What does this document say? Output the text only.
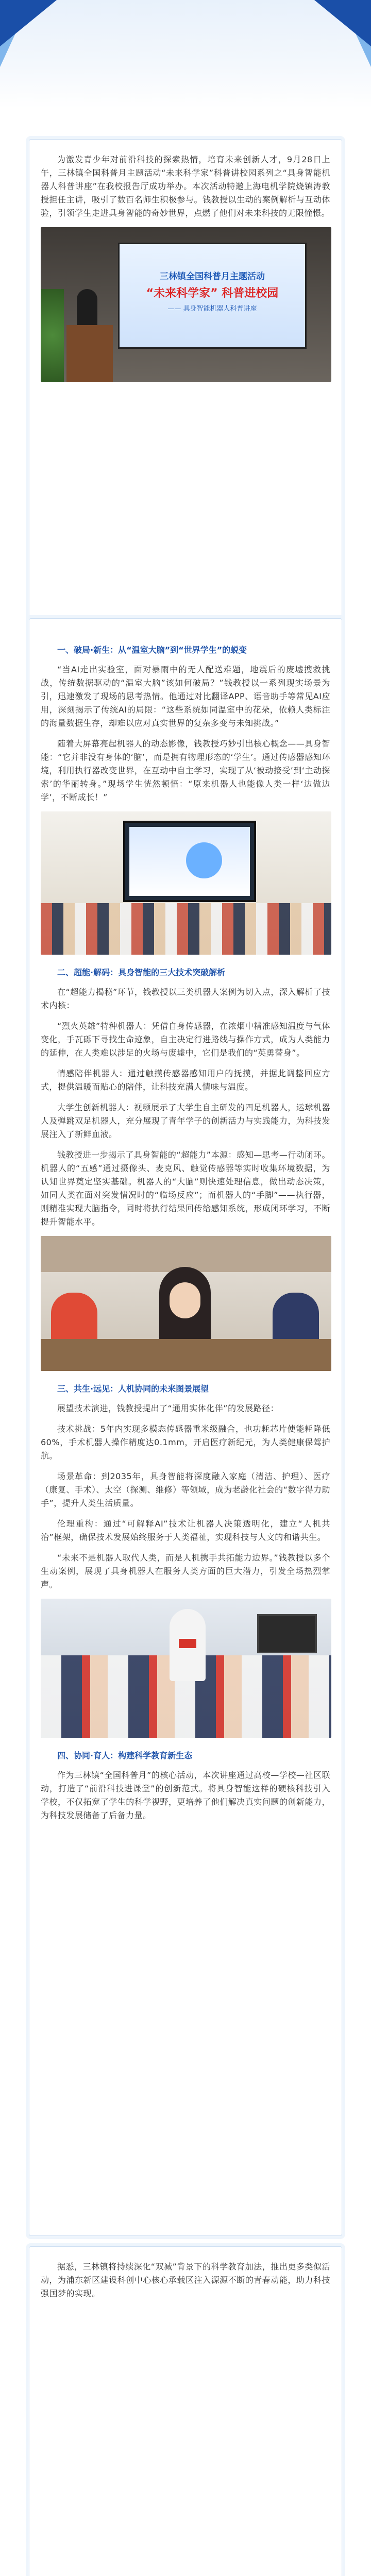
为激发青少年对前沿科技的探索热情，培育未来创新人才，9月28日上午，三林镇全国科普月主题活动“未来科学家”科普讲校园系列之“具身智能机器人科普讲座”在我校报告厅成功举办。本次活动特邀上海电机学院烧镇涛教授担任主讲，吸引了数百名师生积极参与。钱教授以生动的案例解析与互动体验，引领学生走进具身智能的奇妙世界，点燃了他们对未来科技的无限憧憬。

三林镇全国科普月主题活动
“未来科学家” 科普进校园
—— 具身智能机器人科普讲座
一、破局·新生：从“温室大脑”到“世界学生”的蜕变

“当AI走出实验室，面对暴雨中的无人配送难题，地震后的废墟搜救挑战，传统数据驱动的“温室大脑”该如何破局？”钱教授以一系列现实场景为引，迅速激发了现场的思考热情。他通过对比翻译APP、语音助手等常见AI应用，深刻揭示了传统AI的局限：“这些系统如同温室中的花朵，依赖人类标注的海量数据生存，却难以应对真实世界的复杂多变与未知挑战。”

随着大屏幕亮起机器人的动态影像，钱教授巧妙引出核心概念——具身智能：“它并非没有身体的‘脑’，而是拥有物理形态的‘学生’。通过传感器感知环境，利用执行器改变世界，在互动中自主学习，实现了从‘被动接受’到‘主动探索’的华丽转身。”现场学生恍然顿悟：“原来机器人也能像人类一样‘边做边学’，不断成长！”

二、超能·解码：具身智能的三大技术突破解析

在“超能力揭秘”环节，钱教授以三类机器人案例为切入点，深入解析了技术内核：

“烈火英雄”特种机器人：凭借自身传感器，在浓烟中精准感知温度与气体变化，手瓦砾下寻找生命迹象，自主决定行进路线与操作方式，成为人类能力的延伸，在人类难以涉足的火场与废墟中，它们是我们的“英勇替身”。

情感陪伴机器人：通过触摸传感器感知用户的抚摸，并据此调整回应方式，提供温暖而贴心的陪伴，让科技充满人情味与温度。

大学生创新机器人：视频展示了大学生自主研发的四足机器人，运球机器人及弹跳双足机器人，充分展现了青年学子的创新活力与实践能力，为科技发展注入了新鲜血液。

钱教授进一步揭示了具身智能的“超能力”本源：感知—思考—行动闭环。机器人的“五感”通过摄像头、麦克风、触觉传感器等实时收集环境数据，为认知世界奠定坚实基础。机器人的“大脑”则快速处理信息，做出动态决策，如同人类在面对突发情况时的“临场反应”；而机器人的“手脚”——执行器，则精准实现大脑指令，同时将执行结果回传给感知系统，形成闭环学习，不断提升智能水平。

三、共生·远见：人机协同的未来图景展望

展望技术演进，钱教授提出了“通用实体化伴”的发展路径：

技术挑战：5年内实现多模态传感器重米级融合，也功耗芯片使能耗降低60%，手术机器人操作精度达0.1mm，开启医疗新纪元，为人类健康保驾护航。

场景革命：到2035年，具身智能将深度融入家庭（清洁、护理）、医疗（康复、手术）、太空（探测、维修）等领域，成为老龄化社会的“数字得力助手”，提升人类生活质量。

伦理重构：通过“可解释AI”技术让机器人决策透明化，建立“人机共治”框架，确保技术发展始终服务于人类福祉，实现科技与人文的和谐共生。

“未来不是机器人取代人类，而是人机携手共拓能力边界。”钱教授以多个生动案例，展现了具身机器人在服务人类方面的巨大潜力，引发全场热烈掌声。

四、协同·育人：构建科学教育新生态

作为三林镇“全国科普月”的核心活动，本次讲座通过高校—学校—社区联动，打造了“前沿科技进课堂”的创新范式。将具身智能这样的硬核科技引入学校，不仅拓宽了学生的科学视野，更培养了他们解决真实问题的创新能力，为科技发展储备了后备力量。

据悉，三林镇将持续深化“双减”背景下的科学教育加法，推出更多类似活动，为浦东新区建设科创中心核心承载区注入源源不断的青春动能，助力科技强国梦的实现。
